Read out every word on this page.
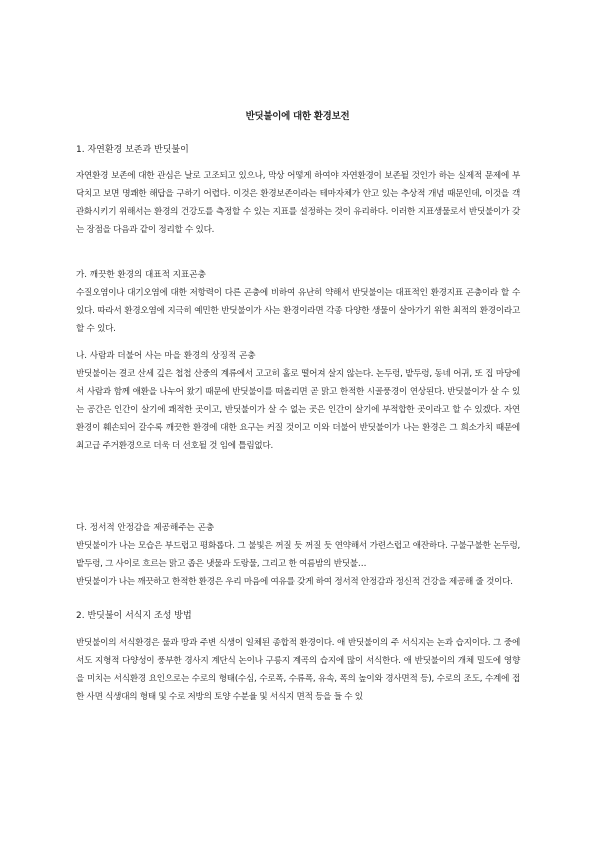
반딧불이에 대한 환경보전
1. 자연환경 보존과 반딧불이

자연환경 보존에 대한 관심은 날로 고조되고 있으나, 막상 어떻게 하여야 자연환경이 보존될 것인가 하는 실제적 문제에 부닥치고 보면 명쾌한 해답을 구하기 어렵다. 이것은 환경보존이라는 테마자체가 안고 있는 추상적 개념 때문인데, 이것을 객관화시키기 위해서는 환경의 건강도를 측정할 수 있는 지표를 설정하는 것이 유리하다. 이러한 지표생물로서 반딧불이가 갖는 장점을 다음과 같이 정리할 수 있다.

가. 깨끗한 환경의 대표적 지표곤충

수질오염이나 대기오염에 대한 저항력이 다른 곤충에 비하여 유난히 약해서 반딧불이는 대표적인 환경지표 곤충이라 할 수 있다. 따라서 환경오염에 지극히 예민한 반딧불이가 사는 환경이라면 각종 다양한 생물이 살아가기 위한 최적의 환경이라고 할 수 있다.

나. 사람과 더불어 사는 마을 환경의 상징적 곤충

반딧불이는 결코 산세 깊은 첩첩 산중의 계류에서 고고히 홀로 떨어져 살지 않는다. 논두렁, 밭두렁, 동네 어귀, 또 집 마당에서 사람과 함께 애환을 나누어 왔기 때문에 반딧불이를 떠올리면 곧 맑고 한적한 시골풍경이 연상된다. 반딧불이가 살 수 있는 공간은 인간이 살기에 쾌적한 곳이고, 반딧불이가 살 수 없는 곳은 인간이 살기에 부적합한 곳이라고 할 수 있겠다. 자연환경이 훼손되어 갈수록 깨끗한 환경에 대한 요구는 커질 것이고 이와 더불어 반딧불이가 나는 환경은 그 희소가치 때문에 최고급 주거환경으로 더욱 더 선호될 것 임에 틀림없다.

다. 정서적 안정감을 제공해주는 곤충

반딧불이가 나는 모습은 부드럽고 평화롭다. 그 불빛은 꺼질 듯 꺼질 듯 연약해서 가련스럽고 애잔하다. 구불구불한 논두렁, 밭두렁, 그 사이로 흐르는 맑고 좁은 냇물과 도랑물, 그리고 한 여름밤의 반딧불…

반딧불이가 나는 깨끗하고 한적한 환경은 우리 마음에 여유를 갖게 하여 정서적 안정감과 정신적 건강을 제공해 줄 것이다.

2. 반딧불이 서식지 조성 방법

반딧불이의 서식환경은 물과 땅과 주변 식생이 일체된 종합적 환경이다. 애 반딧불이의 주 서식지는 논과 습지이다. 그 중에서도 지형적 다양성이 풍부한 경사지 계단식 논이나 구릉지 계곡의 습지에 많이 서식한다. 애 반딧불이의 개체 밀도에 영향을 미치는 서식환경 요인으로는 수로의 형태(수심, 수로폭, 수류폭, 유속, 폭의 높이와 경사면적 등), 수로의 조도, 수계에 접한 사면 식생대의 형태 및 수로 저방의 토양 수분율 및 서식지 면적 등을 들 수 있
